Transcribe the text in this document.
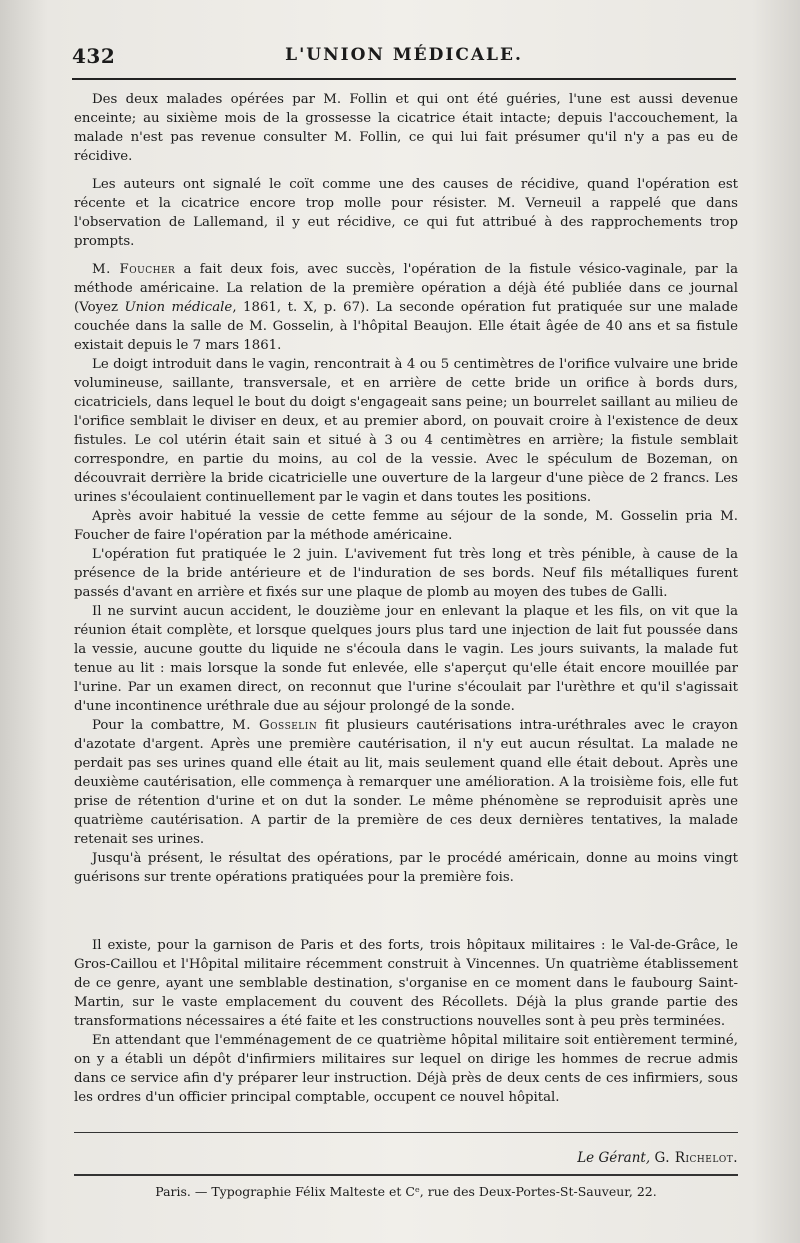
432	L'UNION MÉDICALE.

Des deux malades opérées par M. Follin et qui ont été guéries, l'une est aussi devenue enceinte; au sixième mois de la grossesse la cicatrice était intacte; depuis l'accouchement, la malade n'est pas revenue consulter M. Follin, ce qui lui fait présumer qu'il n'y a pas eu de récidive.

Les auteurs ont signalé le coït comme une des causes de récidive, quand l'opération est récente et la cicatrice encore trop molle pour résister. M. Verneuil a rappelé que dans l'observation de Lallemand, il y eut récidive, ce qui fut attribué à des rapprochements trop prompts.

M. Foucher a fait deux fois, avec succès, l'opération de la fistule vésico-vaginale, par la méthode américaine. La relation de la première opération a déjà été publiée dans ce journal (Voyez Union médicale, 1861, t. X, p. 67). La seconde opération fut pratiquée sur une malade couchée dans la salle de M. Gosselin, à l'hôpital Beaujon. Elle était âgée de 40 ans et sa fistule existait depuis le 7 mars 1861.

Le doigt introduit dans le vagin, rencontrait à 4 ou 5 centimètres de l'orifice vulvaire une bride volumineuse, saillante, transversale, et en arrière de cette bride un orifice à bords durs, cicatriciels, dans lequel le bout du doigt s'engageait sans peine; un bourrelet saillant au milieu de l'orifice semblait le diviser en deux, et au premier abord, on pouvait croire à l'existence de deux fistules. Le col utérin était sain et situé à 3 ou 4 centimètres en arrière; la fistule semblait correspondre, en partie du moins, au col de la vessie. Avec le spéculum de Bozeman, on découvrait derrière la bride cicatricielle une ouverture de la largeur d'une pièce de 2 francs. Les urines s'écoulaient continuellement par le vagin et dans toutes les positions.

Après avoir habitué la vessie de cette femme au séjour de la sonde, M. Gosselin pria M. Foucher de faire l'opération par la méthode américaine.

L'opération fut pratiquée le 2 juin. L'avivement fut très long et très pénible, à cause de la présence de la bride antérieure et de l'induration de ses bords. Neuf fils métalliques furent passés d'avant en arrière et fixés sur une plaque de plomb au moyen des tubes de Galli.

Il ne survint aucun accident, le douzième jour en enlevant la plaque et les fils, on vit que la réunion était complète, et lorsque quelques jours plus tard une injection de lait fut poussée dans la vessie, aucune goutte du liquide ne s'écoula dans le vagin. Les jours suivants, la malade fut tenue au lit : mais lorsque la sonde fut enlevée, elle s'aperçut qu'elle était encore mouillée par l'urine. Par un examen direct, on reconnut que l'urine s'écoulait par l'urèthre et qu'il s'agissait d'une incontinence uréthrale due au séjour prolongé de la sonde.

Pour la combattre, M. Gosselin fit plusieurs cautérisations intra-uréthrales avec le crayon d'azotate d'argent. Après une première cautérisation, il n'y eut aucun résultat. La malade ne perdait pas ses urines quand elle était au lit, mais seulement quand elle était debout. Après une deuxième cautérisation, elle commença à remarquer une amélioration. A la troisième fois, elle fut prise de rétention d'urine et on dut la sonder. Le même phénomène se reproduisit après une quatrième cautérisation. A partir de la première de ces deux dernières tentatives, la malade retenait ses urines.

Jusqu'à présent, le résultat des opérations, par le procédé américain, donne au moins vingt guérisons sur trente opérations pratiquées pour la première fois.

Il existe, pour la garnison de Paris et des forts, trois hôpitaux militaires : le Val-de-Grâce, le Gros-Caillou et l'Hôpital militaire récemment construit à Vincennes. Un quatrième établissement de ce genre, ayant une semblable destination, s'organise en ce moment dans le faubourg Saint-Martin, sur le vaste emplacement du couvent des Récollets. Déjà la plus grande partie des transformations nécessaires a été faite et les constructions nouvelles sont à peu près terminées.

En attendant que l'emménagement de ce quatrième hôpital militaire soit entièrement terminé, on y a établi un dépôt d'infirmiers militaires sur lequel on dirige les hommes de recrue admis dans ce service afin d'y préparer leur instruction. Déjà près de deux cents de ces infirmiers, sous les ordres d'un officier principal comptable, occupent ce nouvel hôpital.

Le Gérant, G. Richelot.
Paris. — Typographie Félix Malteste et Cᵉ, rue des Deux-Portes-St-Sauveur, 22.
